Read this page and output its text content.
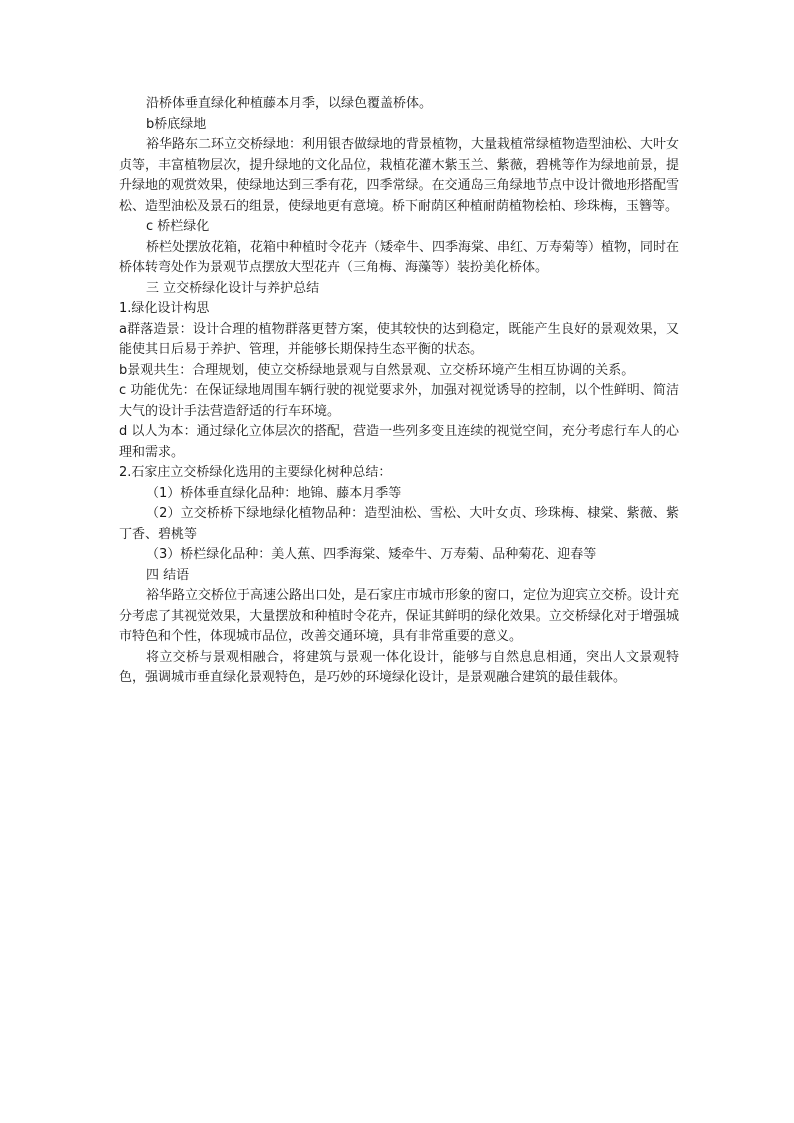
沿桥体垂直绿化种植藤本月季，以绿色覆盖桥体。

b桥底绿地

裕华路东二环立交桥绿地：利用银杏做绿地的背景植物，大量栽植常绿植物造型油松、大叶女贞等，丰富植物层次，提升绿地的文化品位，栽植花灌木紫玉兰、紫薇，碧桃等作为绿地前景，提升绿地的观赏效果，使绿地达到三季有花，四季常绿。在交通岛三角绿地节点中设计微地形搭配雪松、造型油松及景石的组景，使绿地更有意境。桥下耐荫区种植耐荫植物桧柏、珍珠梅，玉簪等。

c 桥栏绿化

桥栏处摆放花箱，花箱中种植时令花卉（矮牵牛、四季海棠、串红、万寿菊等）植物，同时在桥体转弯处作为景观节点摆放大型花卉（三角梅、海藻等）装扮美化桥体。

三 立交桥绿化设计与养护总结

1.绿化设计构思

a群落造景：设计合理的植物群落更替方案，使其较快的达到稳定，既能产生良好的景观效果，又能使其日后易于养护、管理，并能够长期保持生态平衡的状态。

b景观共生：合理规划，使立交桥绿地景观与自然景观、立交桥环境产生相互协调的关系。

c 功能优先：在保证绿地周围车辆行驶的视觉要求外，加强对视觉诱导的控制，以个性鲜明、简洁大气的设计手法营造舒适的行车环境。

d 以人为本：通过绿化立体层次的搭配，营造一些列多变且连续的视觉空间，充分考虑行车人的心理和需求。

2.石家庄立交桥绿化选用的主要绿化树种总结：

（1）桥体垂直绿化品种：地锦、藤本月季等

（2）立交桥桥下绿地绿化植物品种：造型油松、雪松、大叶女贞、珍珠梅、棣棠、紫薇、紫丁香、碧桃等

（3）桥栏绿化品种：美人蕉、四季海棠、矮牵牛、万寿菊、品种菊花、迎春等

四 结语

裕华路立交桥位于高速公路出口处，是石家庄市城市形象的窗口，定位为迎宾立交桥。设计充分考虑了其视觉效果，大量摆放和种植时令花卉，保证其鲜明的绿化效果。立交桥绿化对于增强城市特色和个性，体现城市品位，改善交通环境，具有非常重要的意义。

将立交桥与景观相融合，将建筑与景观一体化设计，能够与自然息息相通，突出人文景观特色，强调城市垂直绿化景观特色，是巧妙的环境绿化设计，是景观融合建筑的最佳载体。
